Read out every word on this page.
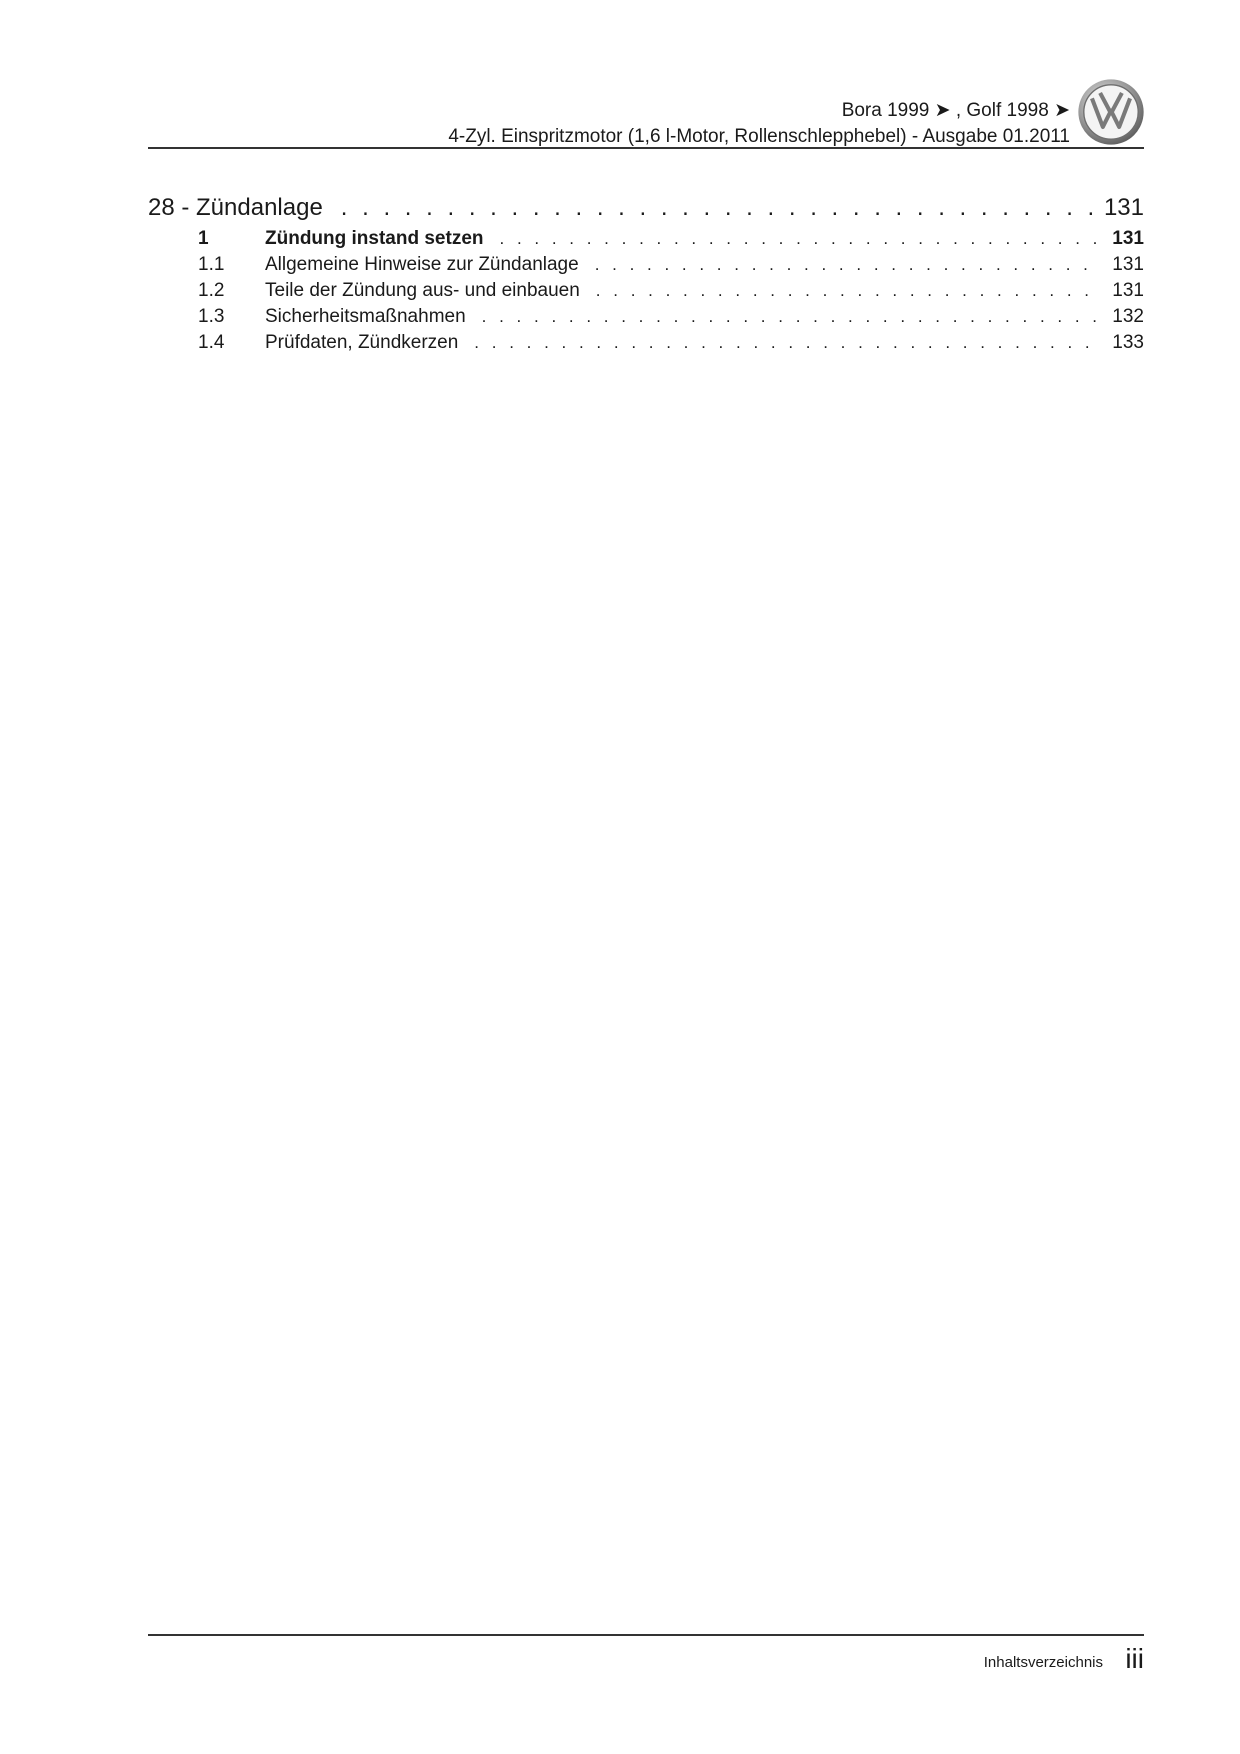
Bora 1999 ➤ , Golf 1998 ➤
4-Zyl. Einspritzmotor (1,6 l-Motor, Rollenschlepphebel) - Ausgabe 01.2011
28 - Zündanlage . . .	131
1	Zündung instand setzen . . .	131
1.1	Allgemeine Hinweise zur Zündanlage . . .	131
1.2	Teile der Zündung aus- und einbauen . . .	131
1.3	Sicherheitsmaßnahmen . . .	132
1.4	Prüfdaten, Zündkerzen . . .	133
Inhaltsverzeichnis iii
